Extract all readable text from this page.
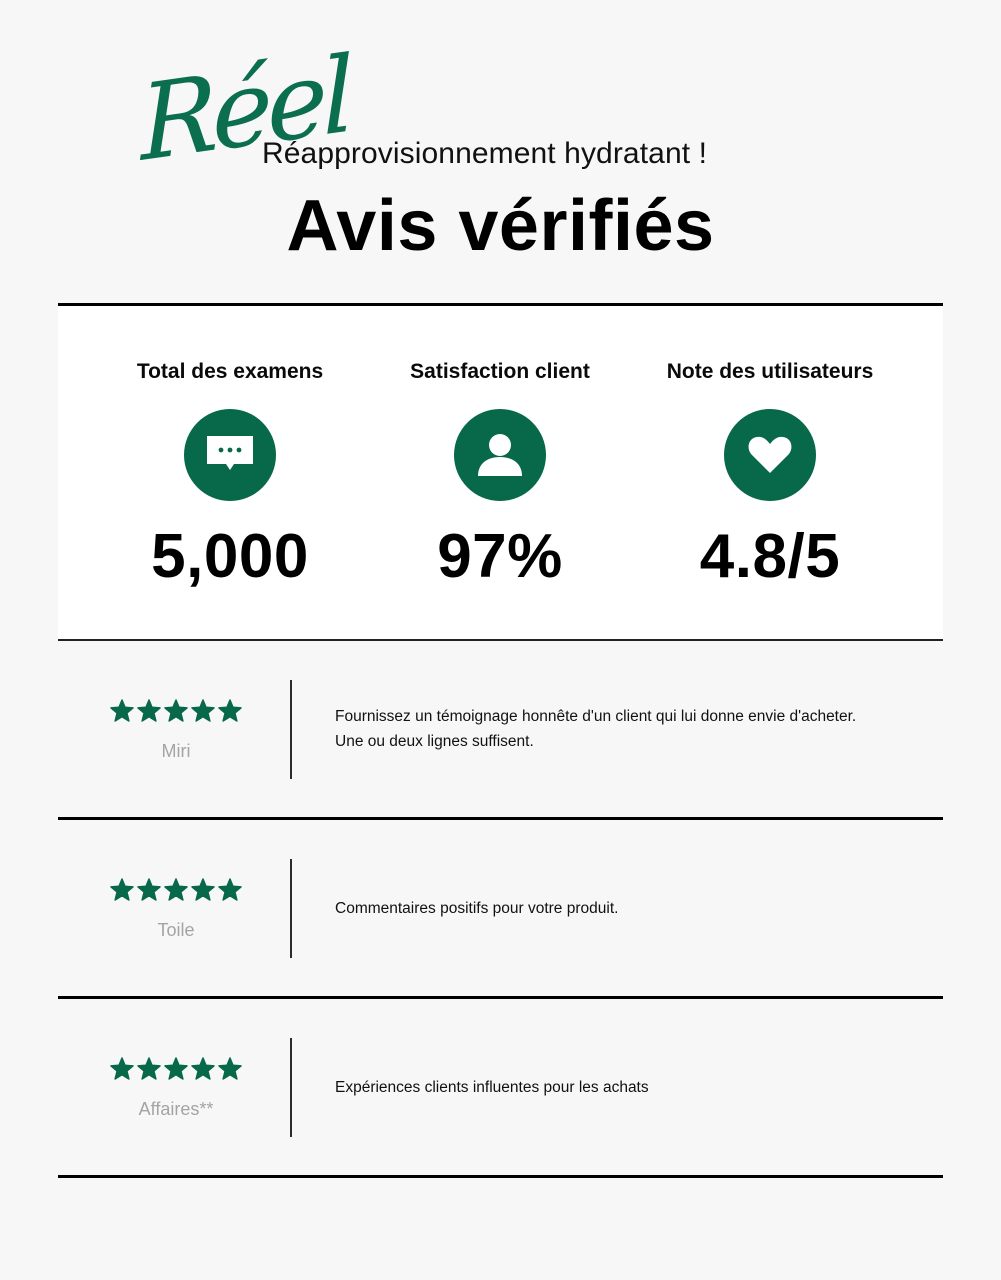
Réel
Réapprovisionnement hydratant !
Avis vérifiés
Total des examens
5,000
Satisfaction client
97%
Note des utilisateurs
4.8/5
Miri
Fournissez un témoignage honnête d'un client qui lui donne envie d'acheter.
Une ou deux lignes suffisent.
Toile
Commentaires positifs pour votre produit.
Affaires**
Expériences clients influentes pour les achats
